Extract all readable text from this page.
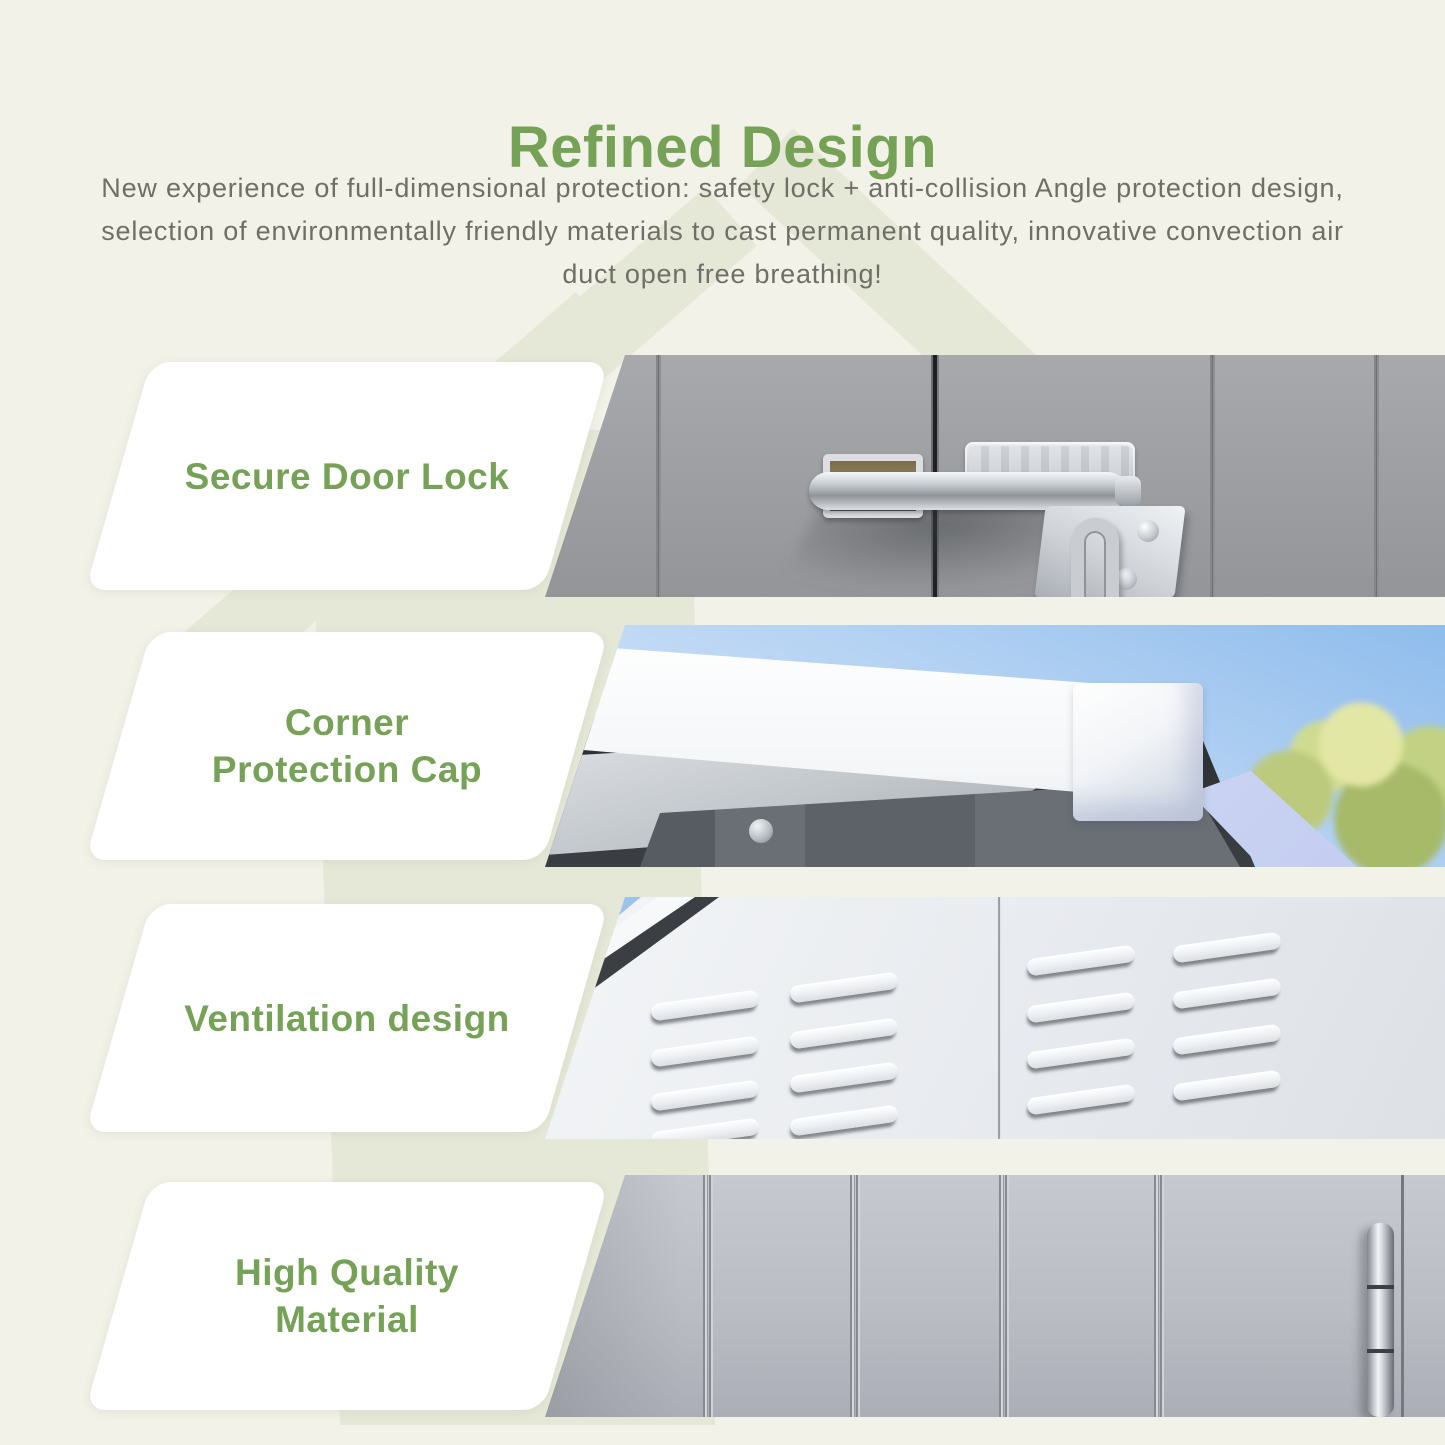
Refined Design
New experience of full-dimensional protection: safety lock + anti-collision Angle protection design,
selection of environmentally friendly materials to cast permanent quality, innovative convection air
duct open free breathing!
Secure Door Lock
Corner
Protection Cap
Ventilation design
High Quality
Material
